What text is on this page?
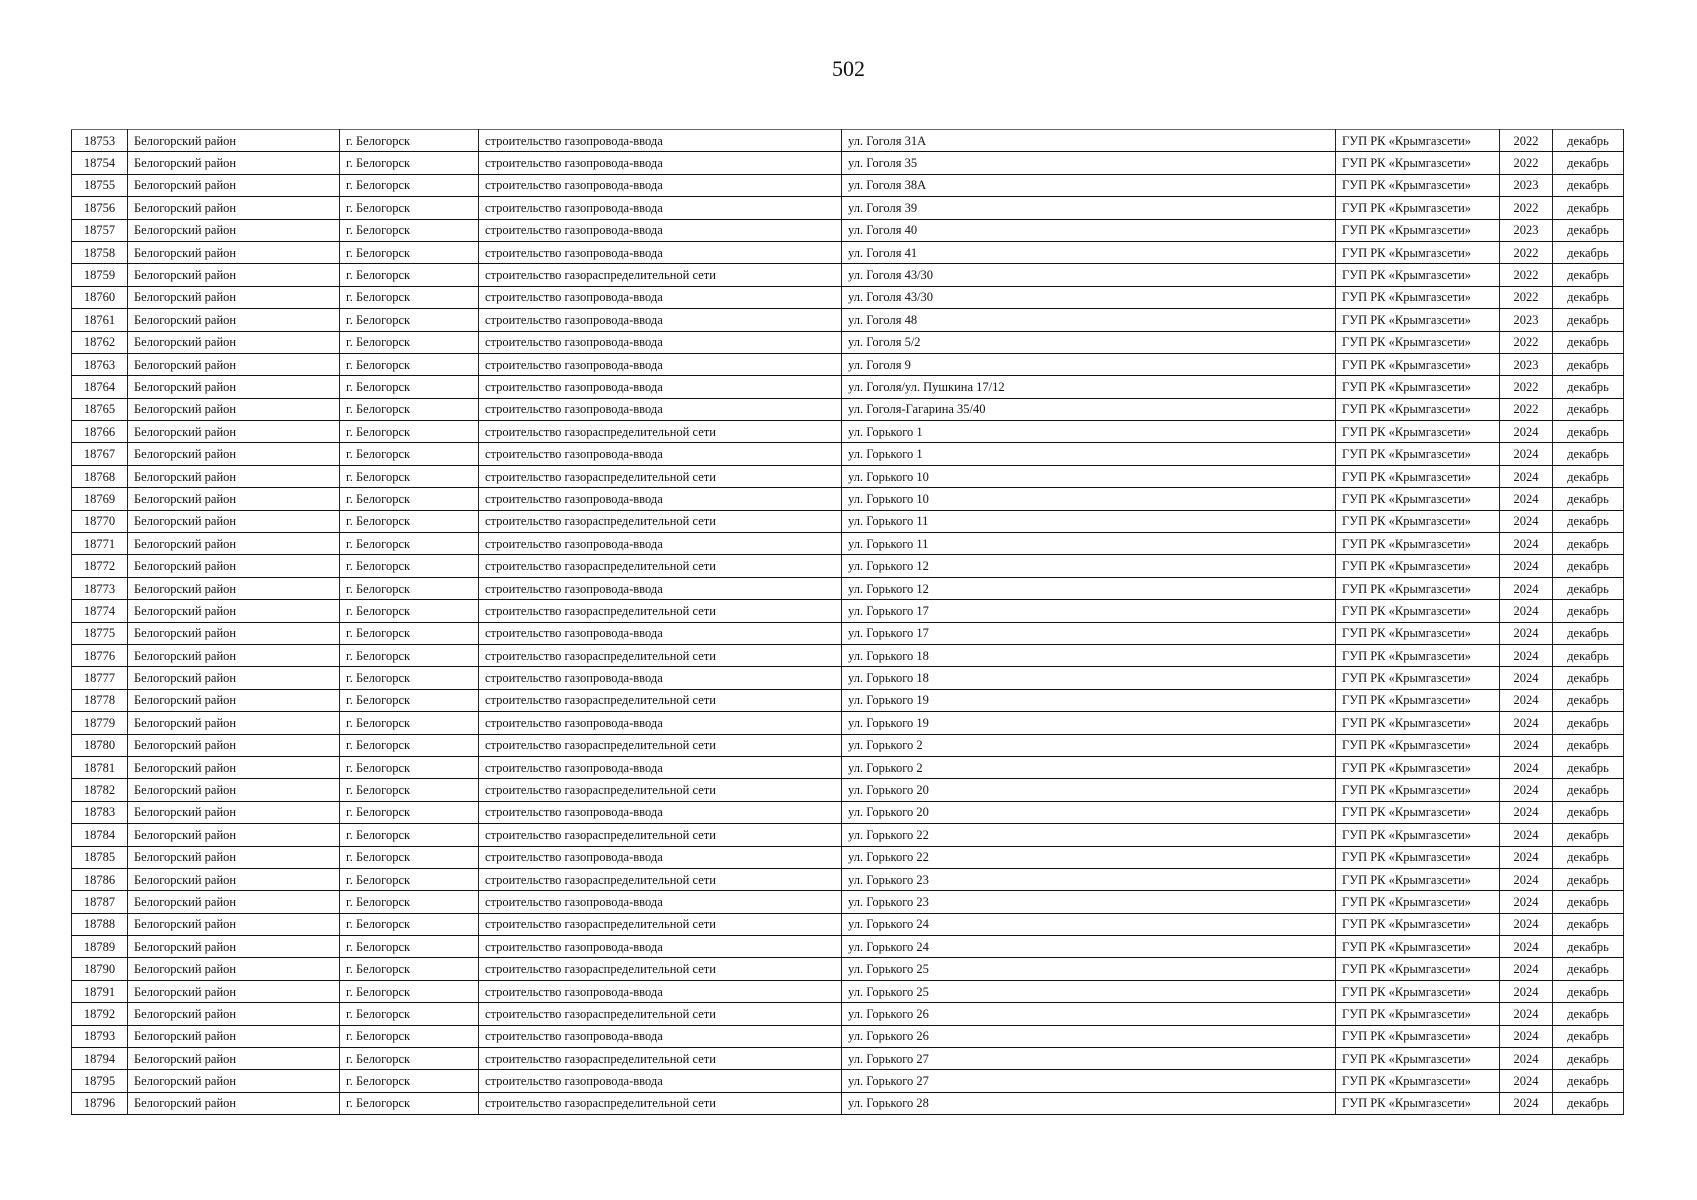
502
18753	Белогорский район	г. Белогорск	строительство газопровода-ввода	ул. Гоголя 31А	ГУП РК «Крымгазсети»	2022	декабрь
18754	Белогорский район	г. Белогорск	строительство газопровода-ввода	ул. Гоголя 35	ГУП РК «Крымгазсети»	2022	декабрь
18755	Белогорский район	г. Белогорск	строительство газопровода-ввода	ул. Гоголя 38А	ГУП РК «Крымгазсети»	2023	декабрь
18756	Белогорский район	г. Белогорск	строительство газопровода-ввода	ул. Гоголя 39	ГУП РК «Крымгазсети»	2022	декабрь
18757	Белогорский район	г. Белогорск	строительство газопровода-ввода	ул. Гоголя 40	ГУП РК «Крымгазсети»	2023	декабрь
18758	Белогорский район	г. Белогорск	строительство газопровода-ввода	ул. Гоголя 41	ГУП РК «Крымгазсети»	2022	декабрь
18759	Белогорский район	г. Белогорск	строительство газораспределительной сети	ул. Гоголя 43/30	ГУП РК «Крымгазсети»	2022	декабрь
18760	Белогорский район	г. Белогорск	строительство газопровода-ввода	ул. Гоголя 43/30	ГУП РК «Крымгазсети»	2022	декабрь
18761	Белогорский район	г. Белогорск	строительство газопровода-ввода	ул. Гоголя 48	ГУП РК «Крымгазсети»	2023	декабрь
18762	Белогорский район	г. Белогорск	строительство газопровода-ввода	ул. Гоголя 5/2	ГУП РК «Крымгазсети»	2022	декабрь
18763	Белогорский район	г. Белогорск	строительство газопровода-ввода	ул. Гоголя 9	ГУП РК «Крымгазсети»	2023	декабрь
18764	Белогорский район	г. Белогорск	строительство газопровода-ввода	ул. Гоголя/ул. Пушкина 17/12	ГУП РК «Крымгазсети»	2022	декабрь
18765	Белогорский район	г. Белогорск	строительство газопровода-ввода	ул. Гоголя-Гагарина 35/40	ГУП РК «Крымгазсети»	2022	декабрь
18766	Белогорский район	г. Белогорск	строительство газораспределительной сети	ул. Горького 1	ГУП РК «Крымгазсети»	2024	декабрь
18767	Белогорский район	г. Белогорск	строительство газопровода-ввода	ул. Горького 1	ГУП РК «Крымгазсети»	2024	декабрь
18768	Белогорский район	г. Белогорск	строительство газораспределительной сети	ул. Горького 10	ГУП РК «Крымгазсети»	2024	декабрь
18769	Белогорский район	г. Белогорск	строительство газопровода-ввода	ул. Горького 10	ГУП РК «Крымгазсети»	2024	декабрь
18770	Белогорский район	г. Белогорск	строительство газораспределительной сети	ул. Горького 11	ГУП РК «Крымгазсети»	2024	декабрь
18771	Белогорский район	г. Белогорск	строительство газопровода-ввода	ул. Горького 11	ГУП РК «Крымгазсети»	2024	декабрь
18772	Белогорский район	г. Белогорск	строительство газораспределительной сети	ул. Горького 12	ГУП РК «Крымгазсети»	2024	декабрь
18773	Белогорский район	г. Белогорск	строительство газопровода-ввода	ул. Горького 12	ГУП РК «Крымгазсети»	2024	декабрь
18774	Белогорский район	г. Белогорск	строительство газораспределительной сети	ул. Горького 17	ГУП РК «Крымгазсети»	2024	декабрь
18775	Белогорский район	г. Белогорск	строительство газопровода-ввода	ул. Горького 17	ГУП РК «Крымгазсети»	2024	декабрь
18776	Белогорский район	г. Белогорск	строительство газораспределительной сети	ул. Горького 18	ГУП РК «Крымгазсети»	2024	декабрь
18777	Белогорский район	г. Белогорск	строительство газопровода-ввода	ул. Горького 18	ГУП РК «Крымгазсети»	2024	декабрь
18778	Белогорский район	г. Белогорск	строительство газораспределительной сети	ул. Горького 19	ГУП РК «Крымгазсети»	2024	декабрь
18779	Белогорский район	г. Белогорск	строительство газопровода-ввода	ул. Горького 19	ГУП РК «Крымгазсети»	2024	декабрь
18780	Белогорский район	г. Белогорск	строительство газораспределительной сети	ул. Горького 2	ГУП РК «Крымгазсети»	2024	декабрь
18781	Белогорский район	г. Белогорск	строительство газопровода-ввода	ул. Горького 2	ГУП РК «Крымгазсети»	2024	декабрь
18782	Белогорский район	г. Белогорск	строительство газораспределительной сети	ул. Горького 20	ГУП РК «Крымгазсети»	2024	декабрь
18783	Белогорский район	г. Белогорск	строительство газопровода-ввода	ул. Горького 20	ГУП РК «Крымгазсети»	2024	декабрь
18784	Белогорский район	г. Белогорск	строительство газораспределительной сети	ул. Горького 22	ГУП РК «Крымгазсети»	2024	декабрь
18785	Белогорский район	г. Белогорск	строительство газопровода-ввода	ул. Горького 22	ГУП РК «Крымгазсети»	2024	декабрь
18786	Белогорский район	г. Белогорск	строительство газораспределительной сети	ул. Горького 23	ГУП РК «Крымгазсети»	2024	декабрь
18787	Белогорский район	г. Белогорск	строительство газопровода-ввода	ул. Горького 23	ГУП РК «Крымгазсети»	2024	декабрь
18788	Белогорский район	г. Белогорск	строительство газораспределительной сети	ул. Горького 24	ГУП РК «Крымгазсети»	2024	декабрь
18789	Белогорский район	г. Белогорск	строительство газопровода-ввода	ул. Горького 24	ГУП РК «Крымгазсети»	2024	декабрь
18790	Белогорский район	г. Белогорск	строительство газораспределительной сети	ул. Горького 25	ГУП РК «Крымгазсети»	2024	декабрь
18791	Белогорский район	г. Белогорск	строительство газопровода-ввода	ул. Горького 25	ГУП РК «Крымгазсети»	2024	декабрь
18792	Белогорский район	г. Белогорск	строительство газораспределительной сети	ул. Горького 26	ГУП РК «Крымгазсети»	2024	декабрь
18793	Белогорский район	г. Белогорск	строительство газопровода-ввода	ул. Горького 26	ГУП РК «Крымгазсети»	2024	декабрь
18794	Белогорский район	г. Белогорск	строительство газораспределительной сети	ул. Горького 27	ГУП РК «Крымгазсети»	2024	декабрь
18795	Белогорский район	г. Белогорск	строительство газопровода-ввода	ул. Горького 27	ГУП РК «Крымгазсети»	2024	декабрь
18796	Белогорский район	г. Белогорск	строительство газораспределительной сети	ул. Горького 28	ГУП РК «Крымгазсети»	2024	декабрь
